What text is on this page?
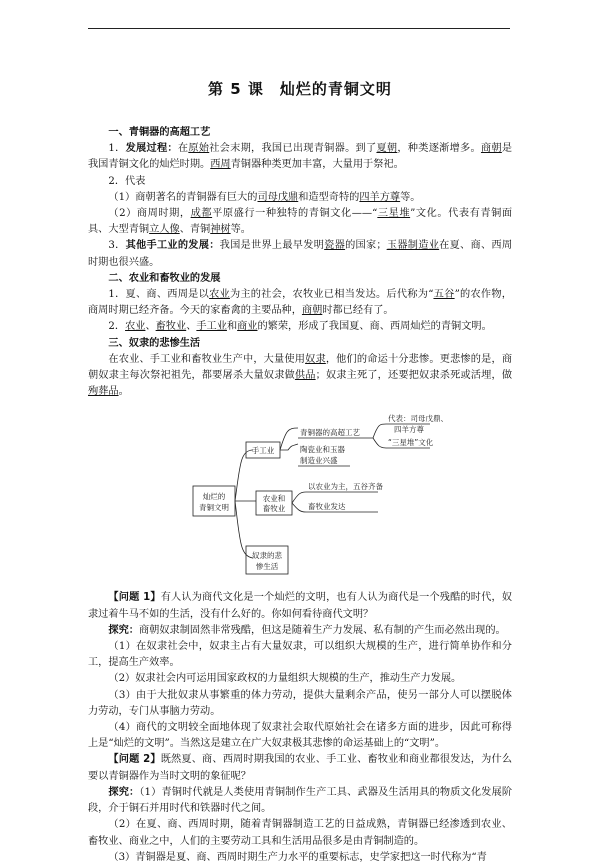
第 5 课　灿烂的青铜文明

一、青铜器的高超工艺

1．发展过程：在原始社会末期，我国已出现青铜器。到了夏朝，种类逐渐增多。商朝是我国青铜文化的灿烂时期。西周青铜器种类更加丰富，大量用于祭祀。

2．代表

（1）商朝著名的青铜器有巨大的司母戊鼎和造型奇特的四羊方尊等。

（2）商周时期，成都平原盛行一种独特的青铜文化——“三星堆”文化。代表有青铜面具、大型青铜立人像、青铜神树等。

3．其他手工业的发展：我国是世界上最早发明瓷器的国家；玉器制造业在夏、商、西周时期也很兴盛。

二、农业和畜牧业的发展

1．夏、商、西周是以农业为主的社会，农牧业已相当发达。后代称为“五谷”的农作物，商周时期已经齐备。今天的家畜禽的主要品种，商朝时都已经有了。

2．农业、畜牧业、手工业和商业的繁荣，形成了我国夏、商、西周灿烂的青铜文明。

三、奴隶的悲惨生活

在农业、手工业和畜牧业生产中，大量使用奴隶，他们的命运十分悲惨。更悲惨的是，商朝奴隶主每次祭祀祖先，都要屠杀大量奴隶做供品；奴隶主死了，还要把奴隶杀死或活埋，做殉葬品。

灿烂的
青铜文明
手工业
青铜器的高超工艺
代表：司母戊鼎、
四羊方尊
“三星堆”文化
陶瓷业和玉器
制造业兴盛
农业和
畜牧业
以农业为主，五谷齐备
畜牧业发达
奴隶的悲
惨生活

【问题 1】有人认为商代文化是一个灿烂的文明，也有人认为商代是一个残酷的时代，奴隶过着牛马不如的生活，没有什么好的。你如何看待商代文明？

探究：商朝奴隶制固然非常残酷，但这是随着生产力发展、私有制的产生而必然出现的。

（1）在奴隶社会中，奴隶主占有大量奴隶，可以组织大规模的生产，进行简单协作和分工，提高生产效率。

（2）奴隶社会内可运用国家政权的力量组织大规模的生产，推动生产力发展。

（3）由于大批奴隶从事繁重的体力劳动，提供大量剩余产品，使另一部分人可以摆脱体力劳动，专门从事脑力劳动。

（4）商代的文明较全面地体现了奴隶社会取代原始社会在诸多方面的进步，因此可称得上是“灿烂的文明”。当然这是建立在广大奴隶极其悲惨的命运基础上的“文明”。

【问题 2】既然夏、商、西周时期我国的农业、手工业、畜牧业和商业都很发达，为什么要以青铜器作为当时文明的象征呢？

探究：（1）青铜时代就是人类使用青铜制作生产工具、武器及生活用具的物质文化发展阶段，介于铜石并用时代和铁器时代之间。

（2）在夏、商、西周时期，随着青铜器制造工艺的日益成熟，青铜器已经渗透到农业、畜牧业、商业之中，人们的主要劳动工具和生活用品很多是由青铜制造的。

（3）青铜器是夏、商、西周时期生产力水平的重要标志，史学家把这一时代称为“青
